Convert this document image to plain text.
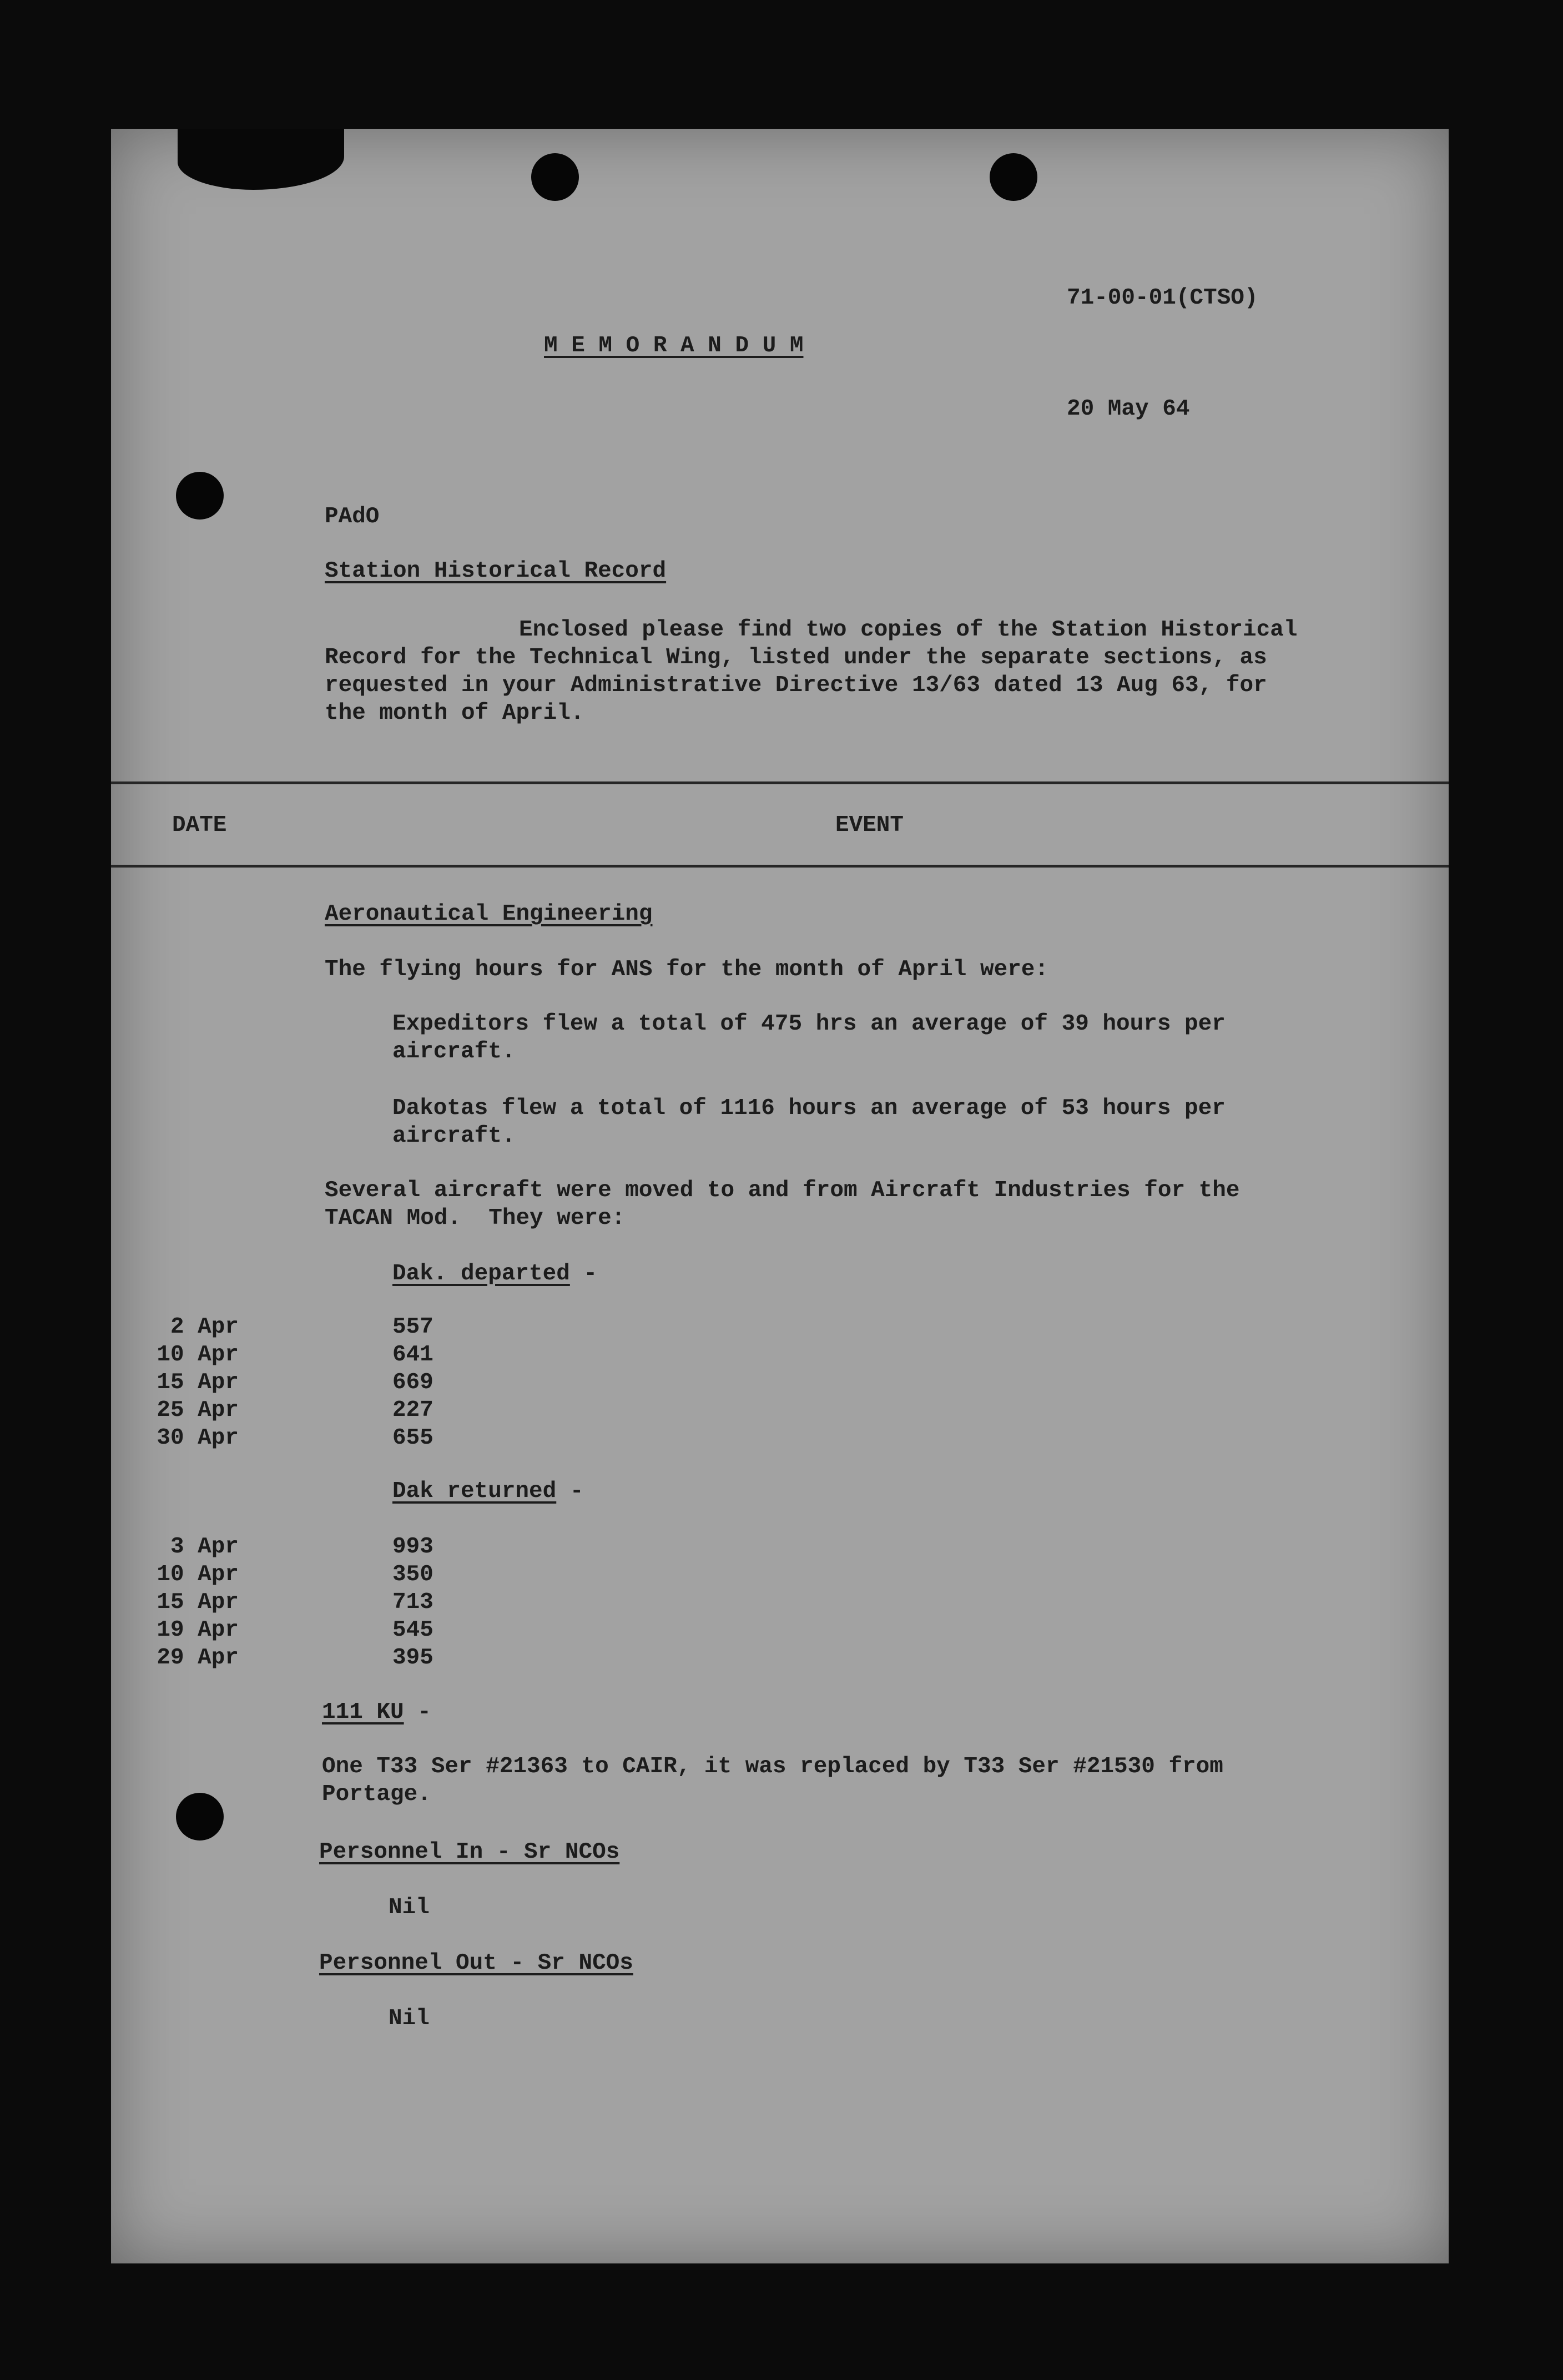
71-00-01(CTSO)
M E M O R A N D U M
20 May 64
PAdO
Station Historical Record
Enclosed please find two copies of the Station Historical
Record for the Technical Wing, listed under the separate sections, as
requested in your Administrative Directive 13/63 dated 13 Aug 63, for
the month of April.
DATE	EVENT
Aeronautical Engineering
The flying hours for ANS for the month of April were:
Expeditors flew a total of 475 hrs an average of 39 hours per
aircraft.
Dakotas flew a total of 1116 hours an average of 53 hours per
aircraft.
Several aircraft were moved to and from Aircraft Industries for the
TACAN Mod.  They were:
Dak. departed -
2 Apr
10 Apr
15 Apr
25 Apr
30 Apr
557
641
669
227
655
Dak returned -
3 Apr
10 Apr
15 Apr
19 Apr
29 Apr
993
350
713
545
395
111 KU -
One T33 Ser #21363 to CAIR, it was replaced by T33 Ser #21530 from
Portage.
Personnel In - Sr NCOs
Nil
Personnel Out - Sr NCOs
Nil
